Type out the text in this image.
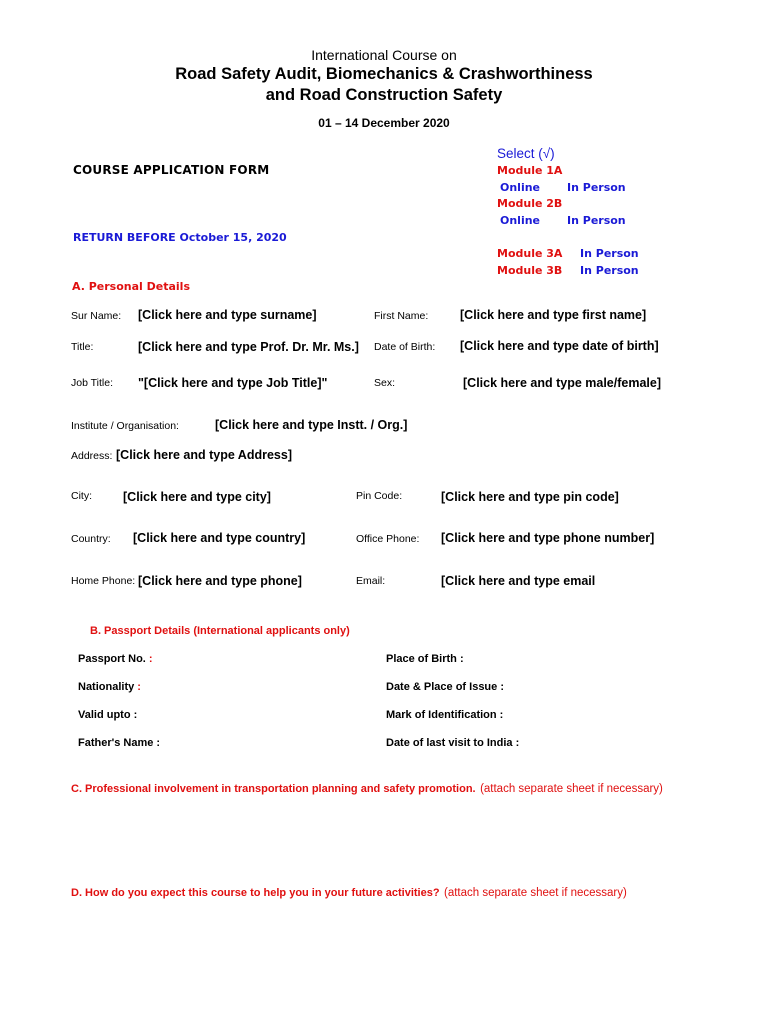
International Course on
Road Safety Audit, Biomechanics & Crashworthiness
and Road Construction Safety
01 – 14 December 2020
COURSE APPLICATION FORM
RETURN BEFORE October 15, 2020
Select (√)
Module 1A
Online In Person
Module 2B
Online In Person
Module 3A In Person
Module 3B In Person
A. Personal Details
Sur Name: [Click here and type surname]	First Name:	[Click here and type first name]
Title:	[Click here and type Prof. Dr. Mr. Ms.] Date of Birth: [Click here and type date of birth]
Job Title: "[Click here and type Job Title]"	Sex:	[Click here and type male/female]
Institute / Organisation:	[Click here and type Instt. / Org.]
Address: [Click here and type Address]
City: [Click here and type city]	Pin Code:	[Click here and type pin code]
Country: [Click here and type country]	Office Phone: [Click here and type phone number]
Home Phone: [Click here and type phone]	Email:	[Click here and type email
B. Passport Details (International applicants only)
Passport No. :	Place of Birth :
Nationality :	Date & Place of Issue :
Valid upto :	Mark of Identification :
Father's Name :	Date of last visit to India :
C. Professional involvement in transportation planning and safety promotion. (attach separate sheet if necessary)
D. How do you expect this course to help you in your future activities? (attach separate sheet if necessary)
